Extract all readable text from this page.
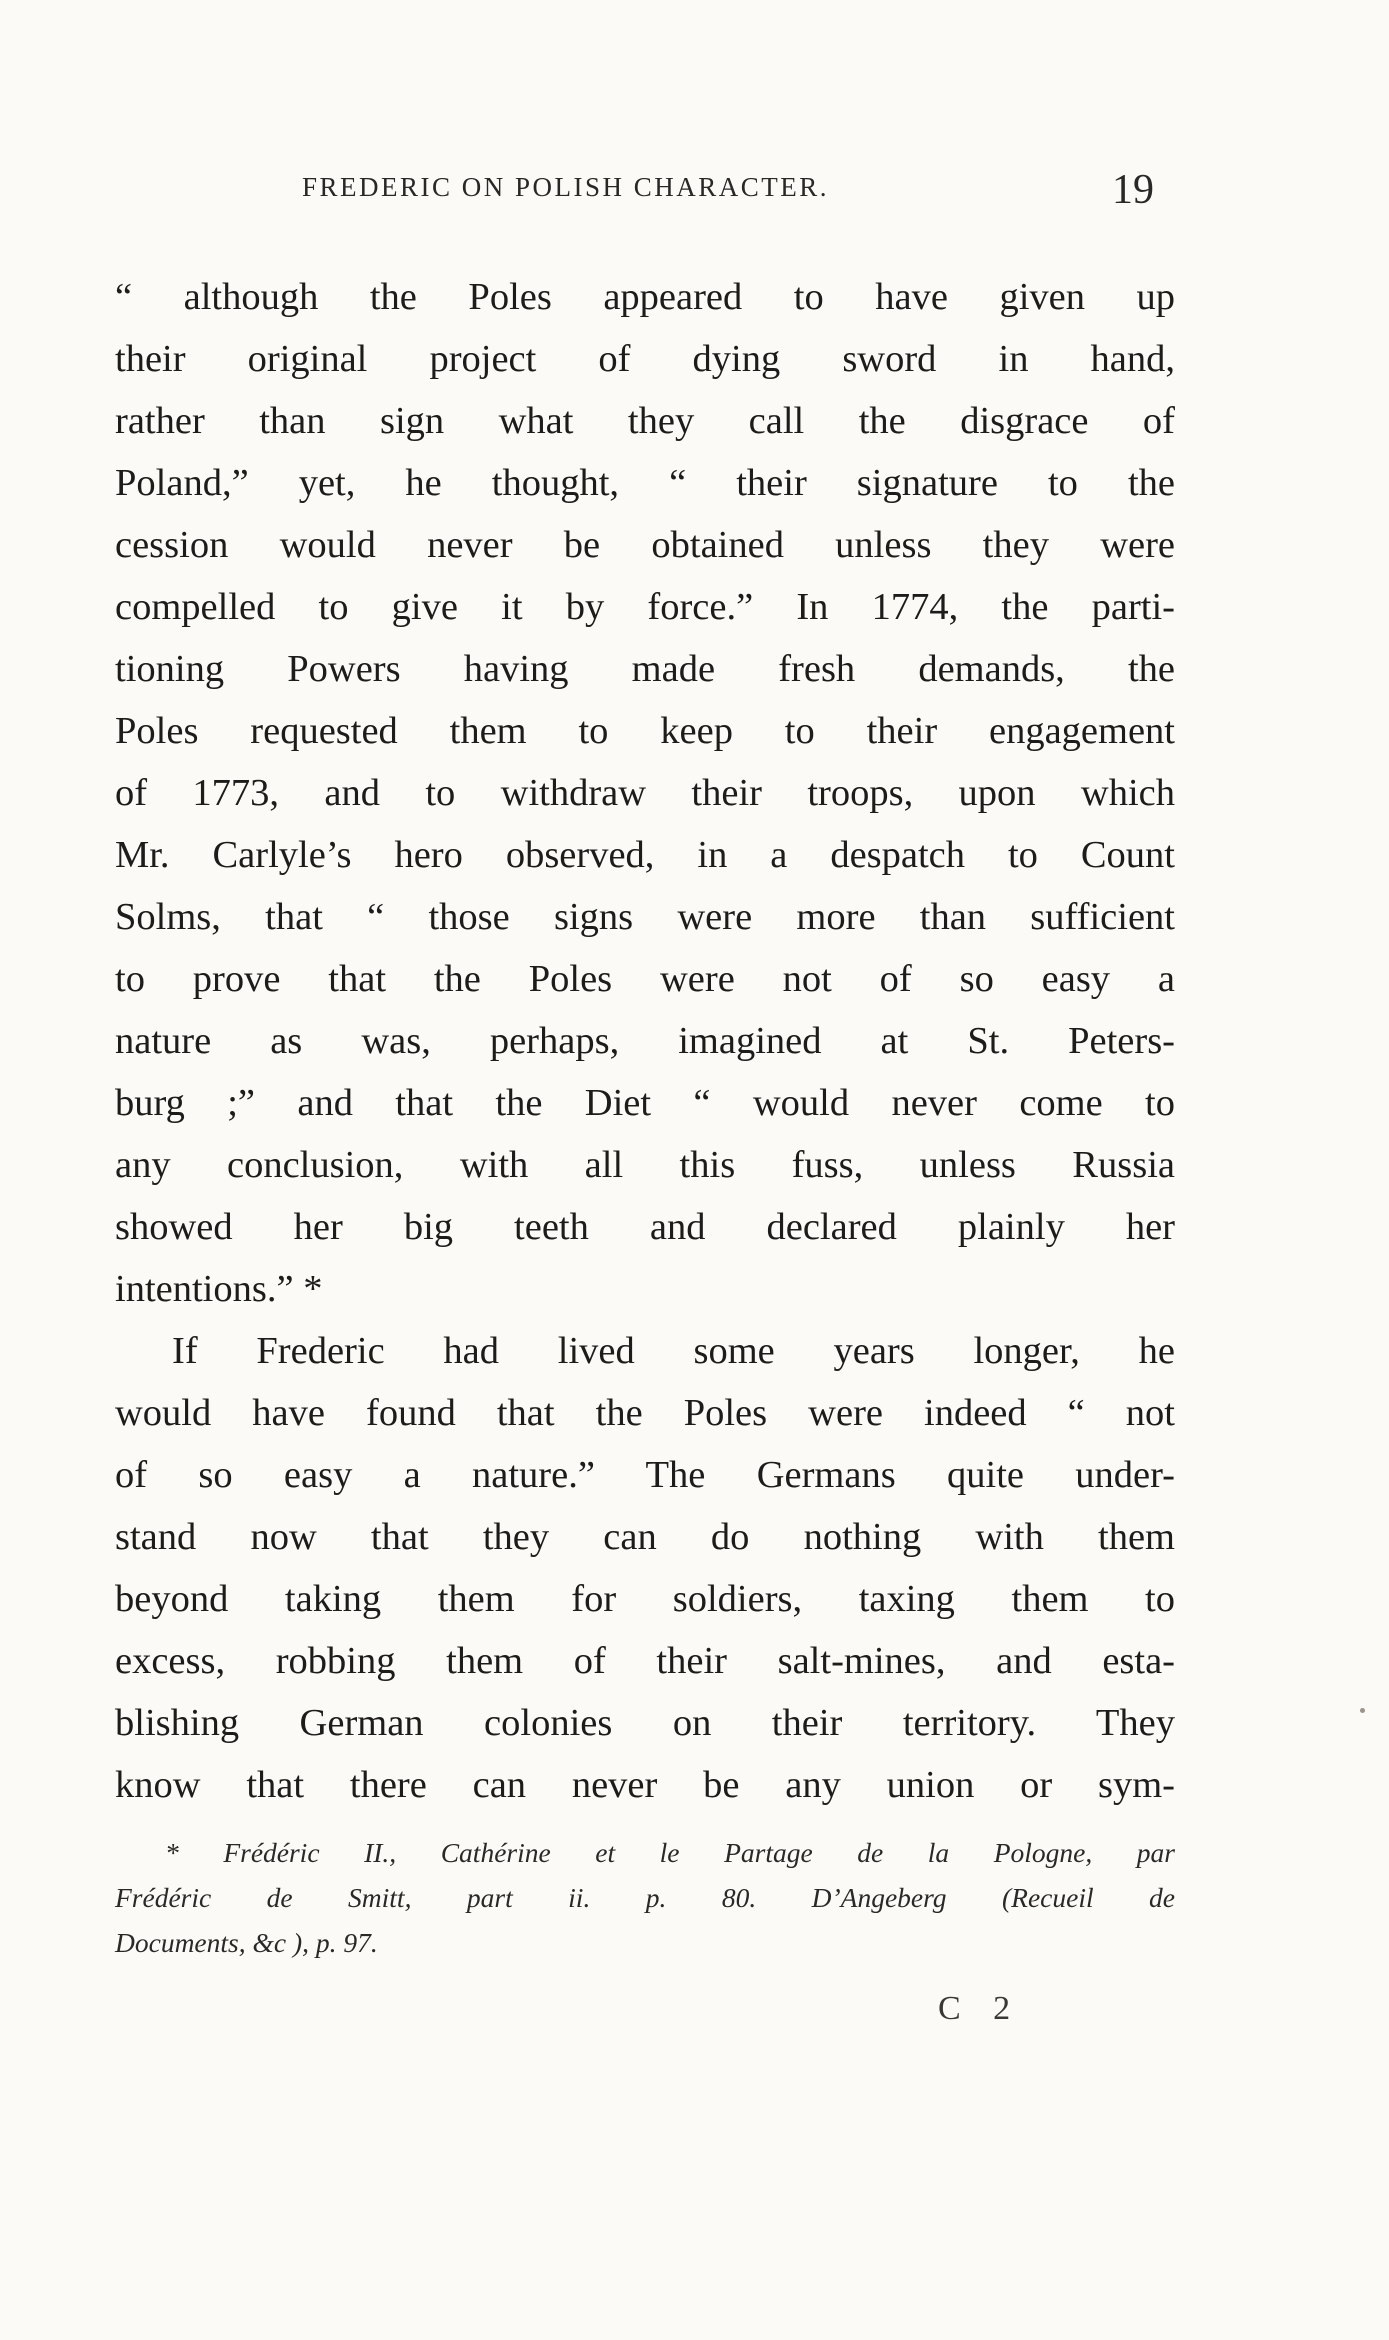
FREDERIC ON POLISH CHARACTER.	19
“ although the Poles appeared to have given up
their original project of dying sword in hand,
rather than sign what they call the disgrace of
Poland,” yet, he thought, “ their signature to the
cession would never be obtained unless they were
compelled to give it by force.” In 1774, the parti-
tioning Powers having made fresh demands, the
Poles requested them to keep to their engagement
of 1773, and to withdraw their troops, upon which
Mr. Carlyle’s hero observed, in a despatch to Count
Solms, that “ those signs were more than sufficient
to prove that the Poles were not of so easy a
nature as was, perhaps, imagined at St. Peters-
burg ;” and that the Diet “ would never come to
any conclusion, with all this fuss, unless Russia
showed her big teeth and declared plainly her
intentions.” *
If Frederic had lived some years longer, he
would have found that the Poles were indeed “ not
of so easy a nature.” The Germans quite under-
stand now that they can do nothing with them
beyond taking them for soldiers, taxing them to
excess, robbing them of their salt-mines, and esta-
blishing German colonies on their territory. They
know that there can never be any union or sym-
* Frédéric II., Cathérine et le Partage de la Pologne, par
Frédéric de Smitt, part ii. p. 80. D’Angeberg (Recueil de
Documents, &c ), p. 97.
C 2
